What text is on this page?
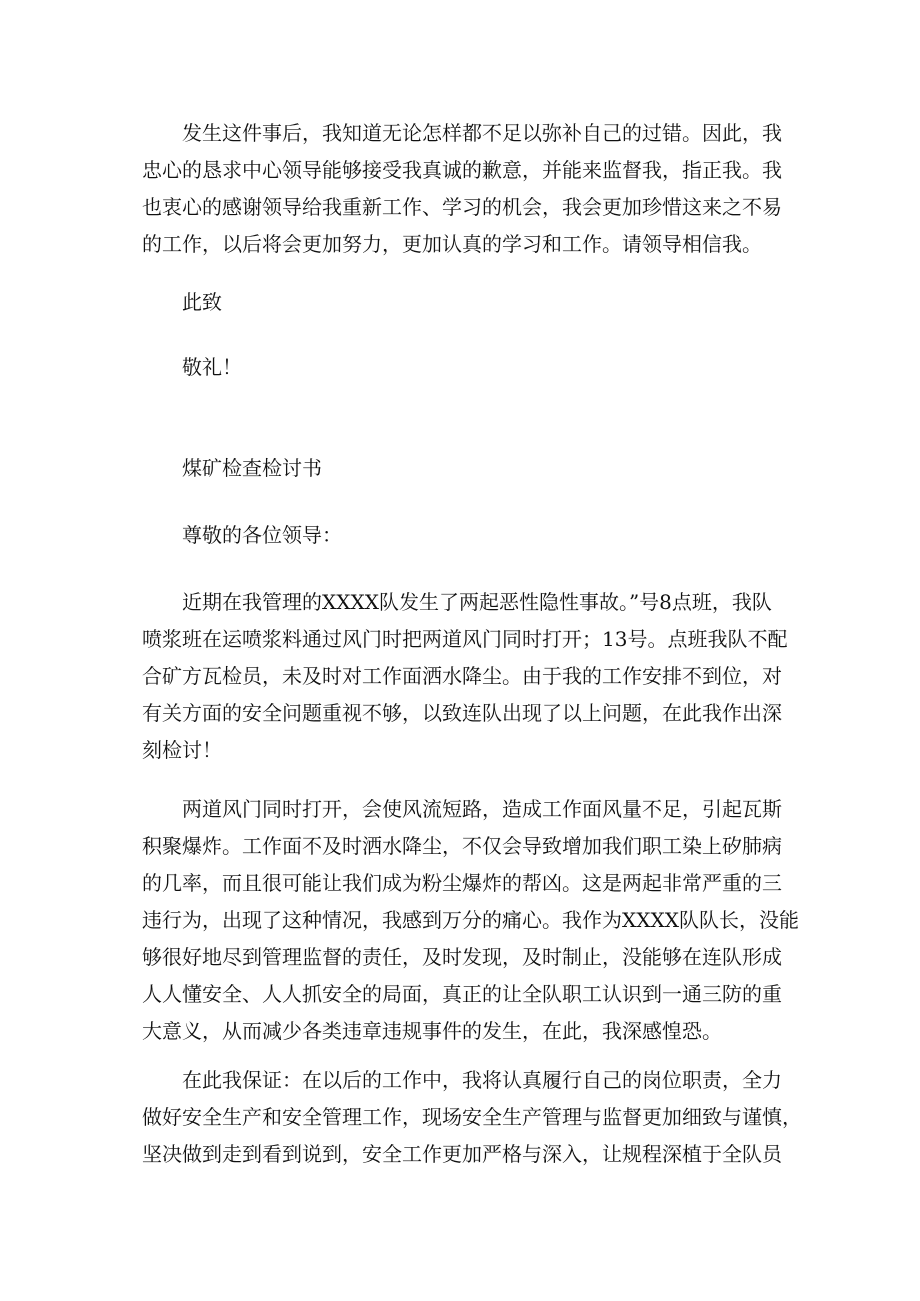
发生这件事后，我知道无论怎样都不足以弥补自己的过错。因此，我
忠心的恳求中心领导能够接受我真诚的歉意，并能来监督我，指正我。我
也衷心的感谢领导给我重新工作、学习的机会，我会更加珍惜这来之不易
的工作，以后将会更加努力，更加认真的学习和工作。请领导相信我。

此致

敬礼！

煤矿检查检讨书

尊敬的各位领导：

近期在我管理的XXXX队发生了两起恶性隐性事故。”号8点班，我队
喷浆班在运喷浆料通过风门时把两道风门同时打开；13号。点班我队不配
合矿方瓦检员，未及时对工作面洒水降尘。由于我的工作安排不到位，对
有关方面的安全问题重视不够，以致连队出现了以上问题，在此我作出深
刻检讨！
两道风门同时打开，会使风流短路，造成工作面风量不足，引起瓦斯
积聚爆炸。工作面不及时洒水降尘，不仅会导致增加我们职工染上矽肺病
的几率，而且很可能让我们成为粉尘爆炸的帮凶。这是两起非常严重的三
违行为，出现了这种情况，我感到万分的痛心。我作为XXXX队队长，没能
够很好地尽到管理监督的责任，及时发现，及时制止，没能够在连队形成
人人懂安全、人人抓安全的局面，真正的让全队职工认识到一通三防的重
大意义，从而减少各类违章违规事件的发生，在此，我深感惶恐。
在此我保证：在以后的工作中，我将认真履行自己的岗位职责，全力
做好安全生产和安全管理工作，现场安全生产管理与监督更加细致与谨慎，
坚决做到走到看到说到，安全工作更加严格与深入，让规程深植于全队员
